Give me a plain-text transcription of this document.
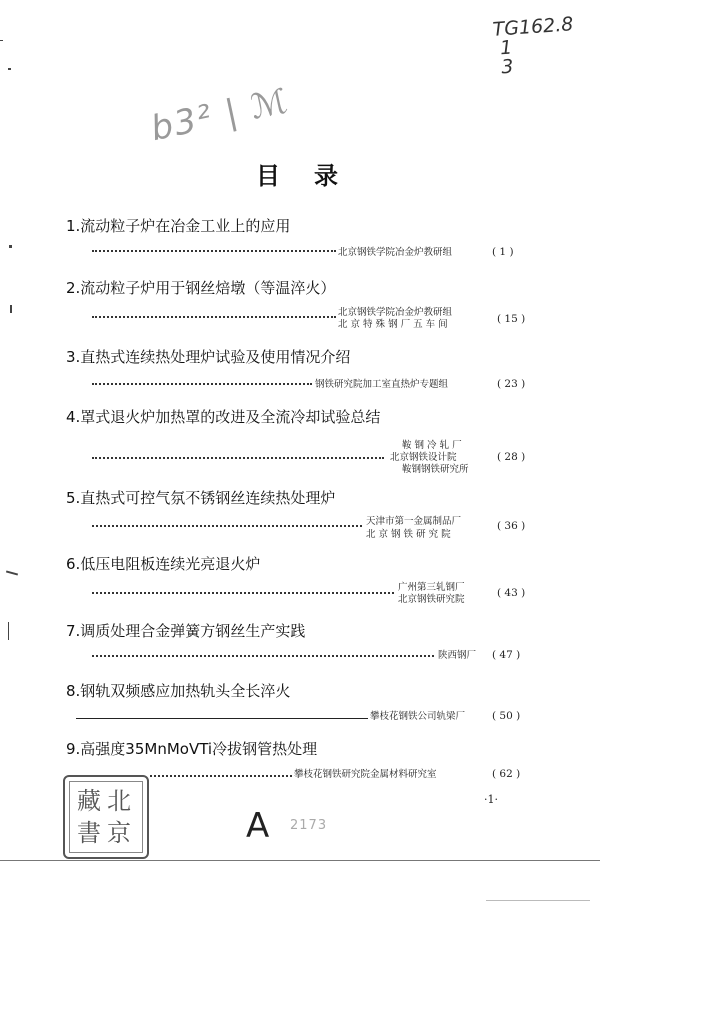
TG162.8
1
3
b3² | ℳ
目录
1.流动粒子炉在冶金工业上的应用
北京钢铁学院冶金炉教研组	( 1 )
2.流动粒子炉用于钢丝焙墩（等温淬火）
北京钢铁学院冶金炉教研组
北 京 特 殊 钢 厂 五 车 间	( 15 )
3.直热式连续热处理炉试验及使用情况介绍
钢铁研究院加工室直热炉专题组	( 23 )
4.罩式退火炉加热罩的改进及全流冷却试验总结
鞍 钢 冷 轧 厂
北京钢铁设计院
鞍钢钢铁研究所
( 28 )
5.直热式可控气氛不锈钢丝连续热处理炉
天津市第一金属制品厂
北 京 钢 铁 研 究 院
( 36 )
6.低压电阻板连续光亮退火炉
广州第三轧钢厂
北京钢铁研究院
( 43 )
7.调质处理合金弹簧方钢丝生产实践
陕西钢厂 ( 47 )
8.钢轨双频感应加热轨头全长淬火
攀枝花钢铁公司轨梁厂	( 50 )
9.高强度35MnMoVTi冷拔钢管热处理
攀枝花钢铁研究院金属材料研究室	( 62 )
·1·
北
京
藏
書	A 2173
